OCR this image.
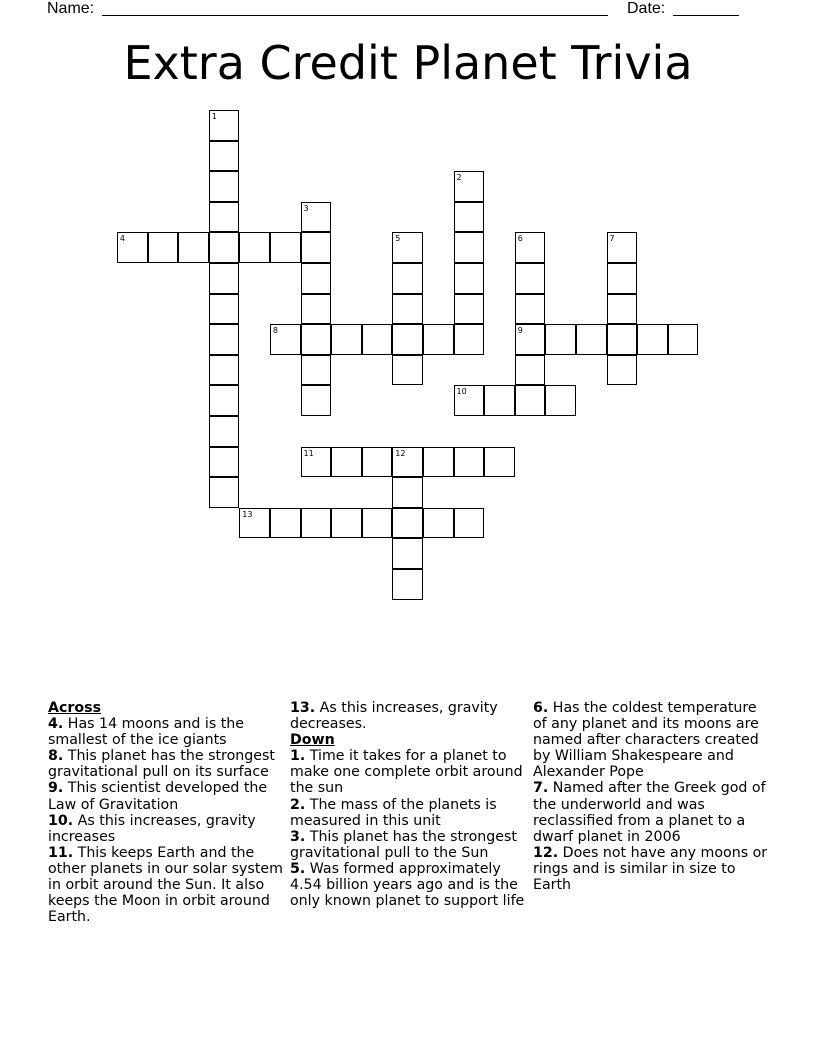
Name:	Date:
Extra Credit Planet Trivia
1
2
3
4	5	6
9
7
8
10
11	12
13
Across
4. Has 14 moons and is the smallest of the ice giants
8. This planet has the strongest gravitational pull on its surface
9. This scientist developed the Law of Gravitation
10. As this increases, gravity increases
11. This keeps Earth and the other planets in our solar system in orbit around the Sun. It also keeps the Moon in orbit around Earth.
13. As this increases, gravity decreases.
Down
1. Time it takes for a planet to make one complete orbit around the sun
2. The mass of the planets is measured in this unit
3. This planet has the strongest gravitational pull to the Sun
5. Was formed approximately 4.54 billion years ago and is the only known planet to support life
6. Has the coldest temperature of any planet and its moons are named after characters created by William Shakespeare and Alexander Pope
7. Named after the Greek god of the underworld and was reclassified from a planet to a dwarf planet in 2006
12. Does not have any moons or rings and is similar in size to Earth
